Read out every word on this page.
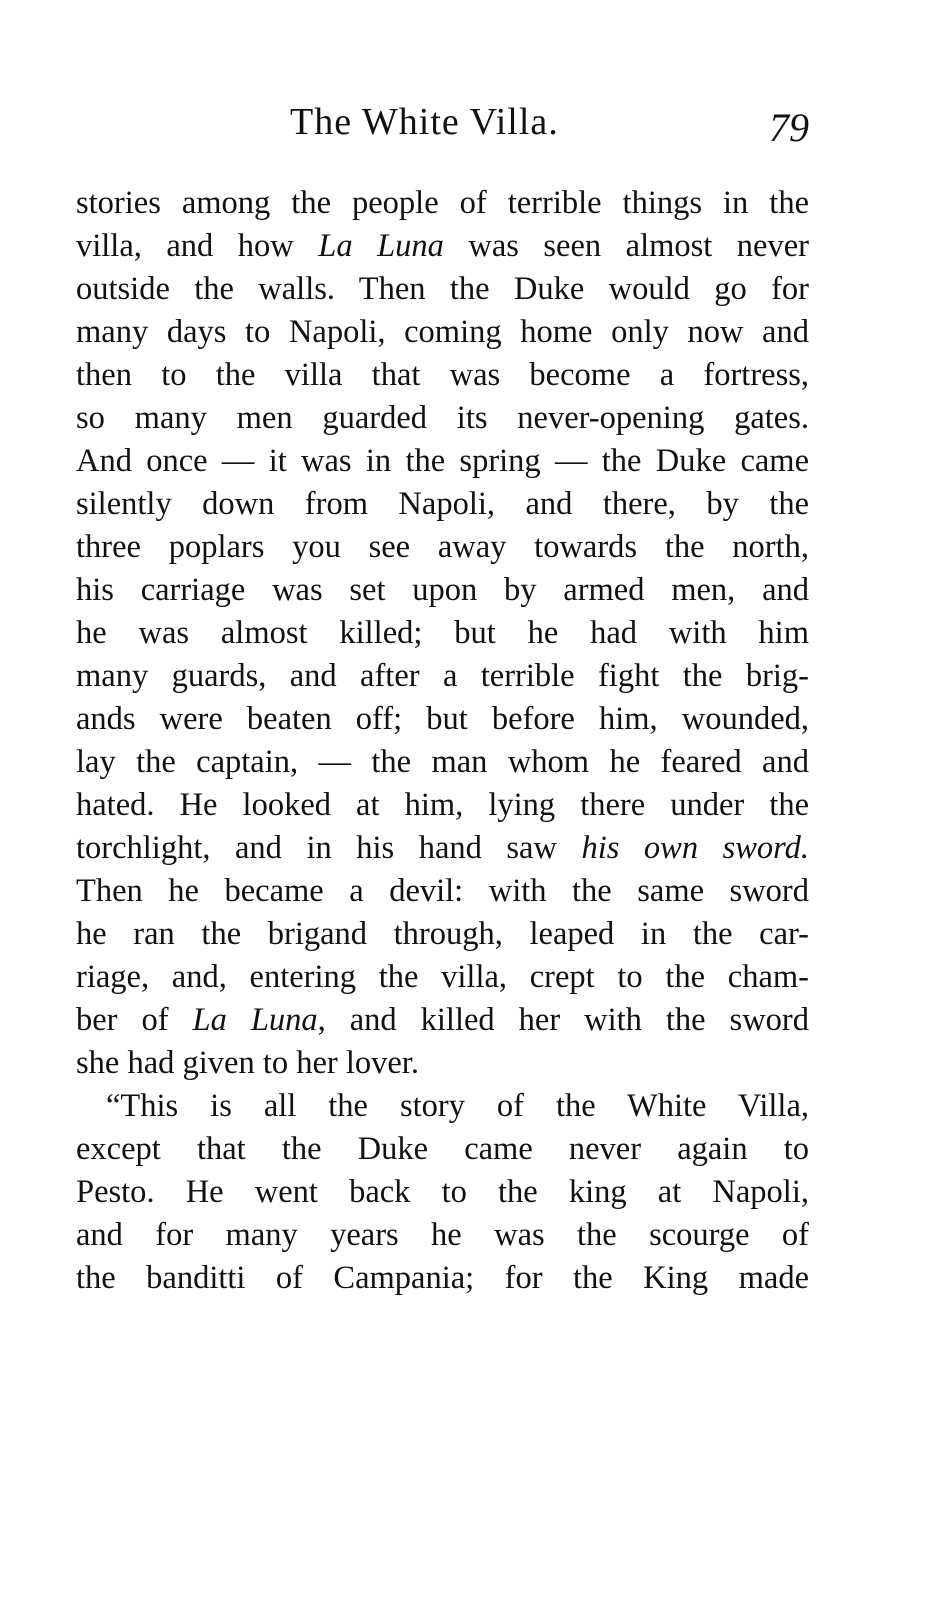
The White Villa.	79
stories among the people of terrible things in the
villa, and how La Luna was seen almost never
outside the walls. Then the Duke would go for
many days to Napoli, coming home only now and
then to the villa that was become a fortress,
so many men guarded its never-opening gates.
And once — it was in the spring — the Duke came
silently down from Napoli, and there, by the
three poplars you see away towards the north,
his carriage was set upon by armed men, and
he was almost killed; but he had with him
many guards, and after a terrible fight the brig-
ands were beaten off; but before him, wounded,
lay the captain, — the man whom he feared and
hated. He looked at him, lying there under the
torchlight, and in his hand saw his own sword.
Then he became a devil: with the same sword
he ran the brigand through, leaped in the car-
riage, and, entering the villa, crept to the cham-
ber of La Luna, and killed her with the sword
she had given to her lover.
“This is all the story of the White Villa,
except that the Duke came never again to
Pesto. He went back to the king at Napoli,
and for many years he was the scourge of
the banditti of Campania; for the King made
